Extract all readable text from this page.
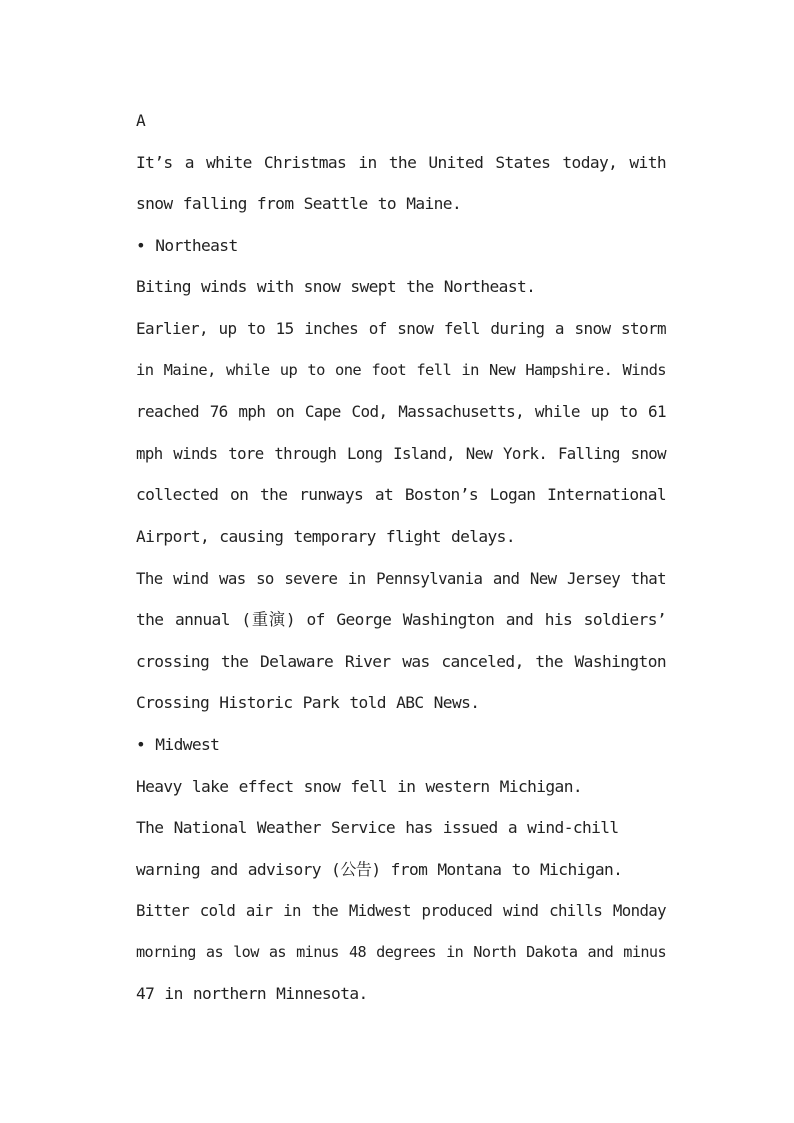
A
It’s a white Christmas in the United States today, with
snow falling from Seattle to Maine.
• Northeast
Biting winds with snow swept the Northeast.
Earlier, up to 15 inches of snow fell during a snow storm
in Maine, while up to one foot fell in New Hampshire. Winds
reached 76 mph on Cape Cod, Massachusetts, while up to 61
mph winds tore through Long Island, New York. Falling snow
collected on the runways at Boston’s Logan International
Airport, causing temporary flight delays.
The wind was so severe in Pennsylvania and New Jersey that
the annual (重演) of George Washington and his soldiers’
crossing the Delaware River was canceled, the Washington
Crossing Historic Park told ABC News.
• Midwest
Heavy lake effect snow fell in western Michigan.
The National Weather Service has issued a wind-chill
warning and advisory (公告) from Montana to Michigan.
Bitter cold air in the Midwest produced wind chills Monday
morning as low as minus 48 degrees in North Dakota and minus
47 in northern Minnesota.
